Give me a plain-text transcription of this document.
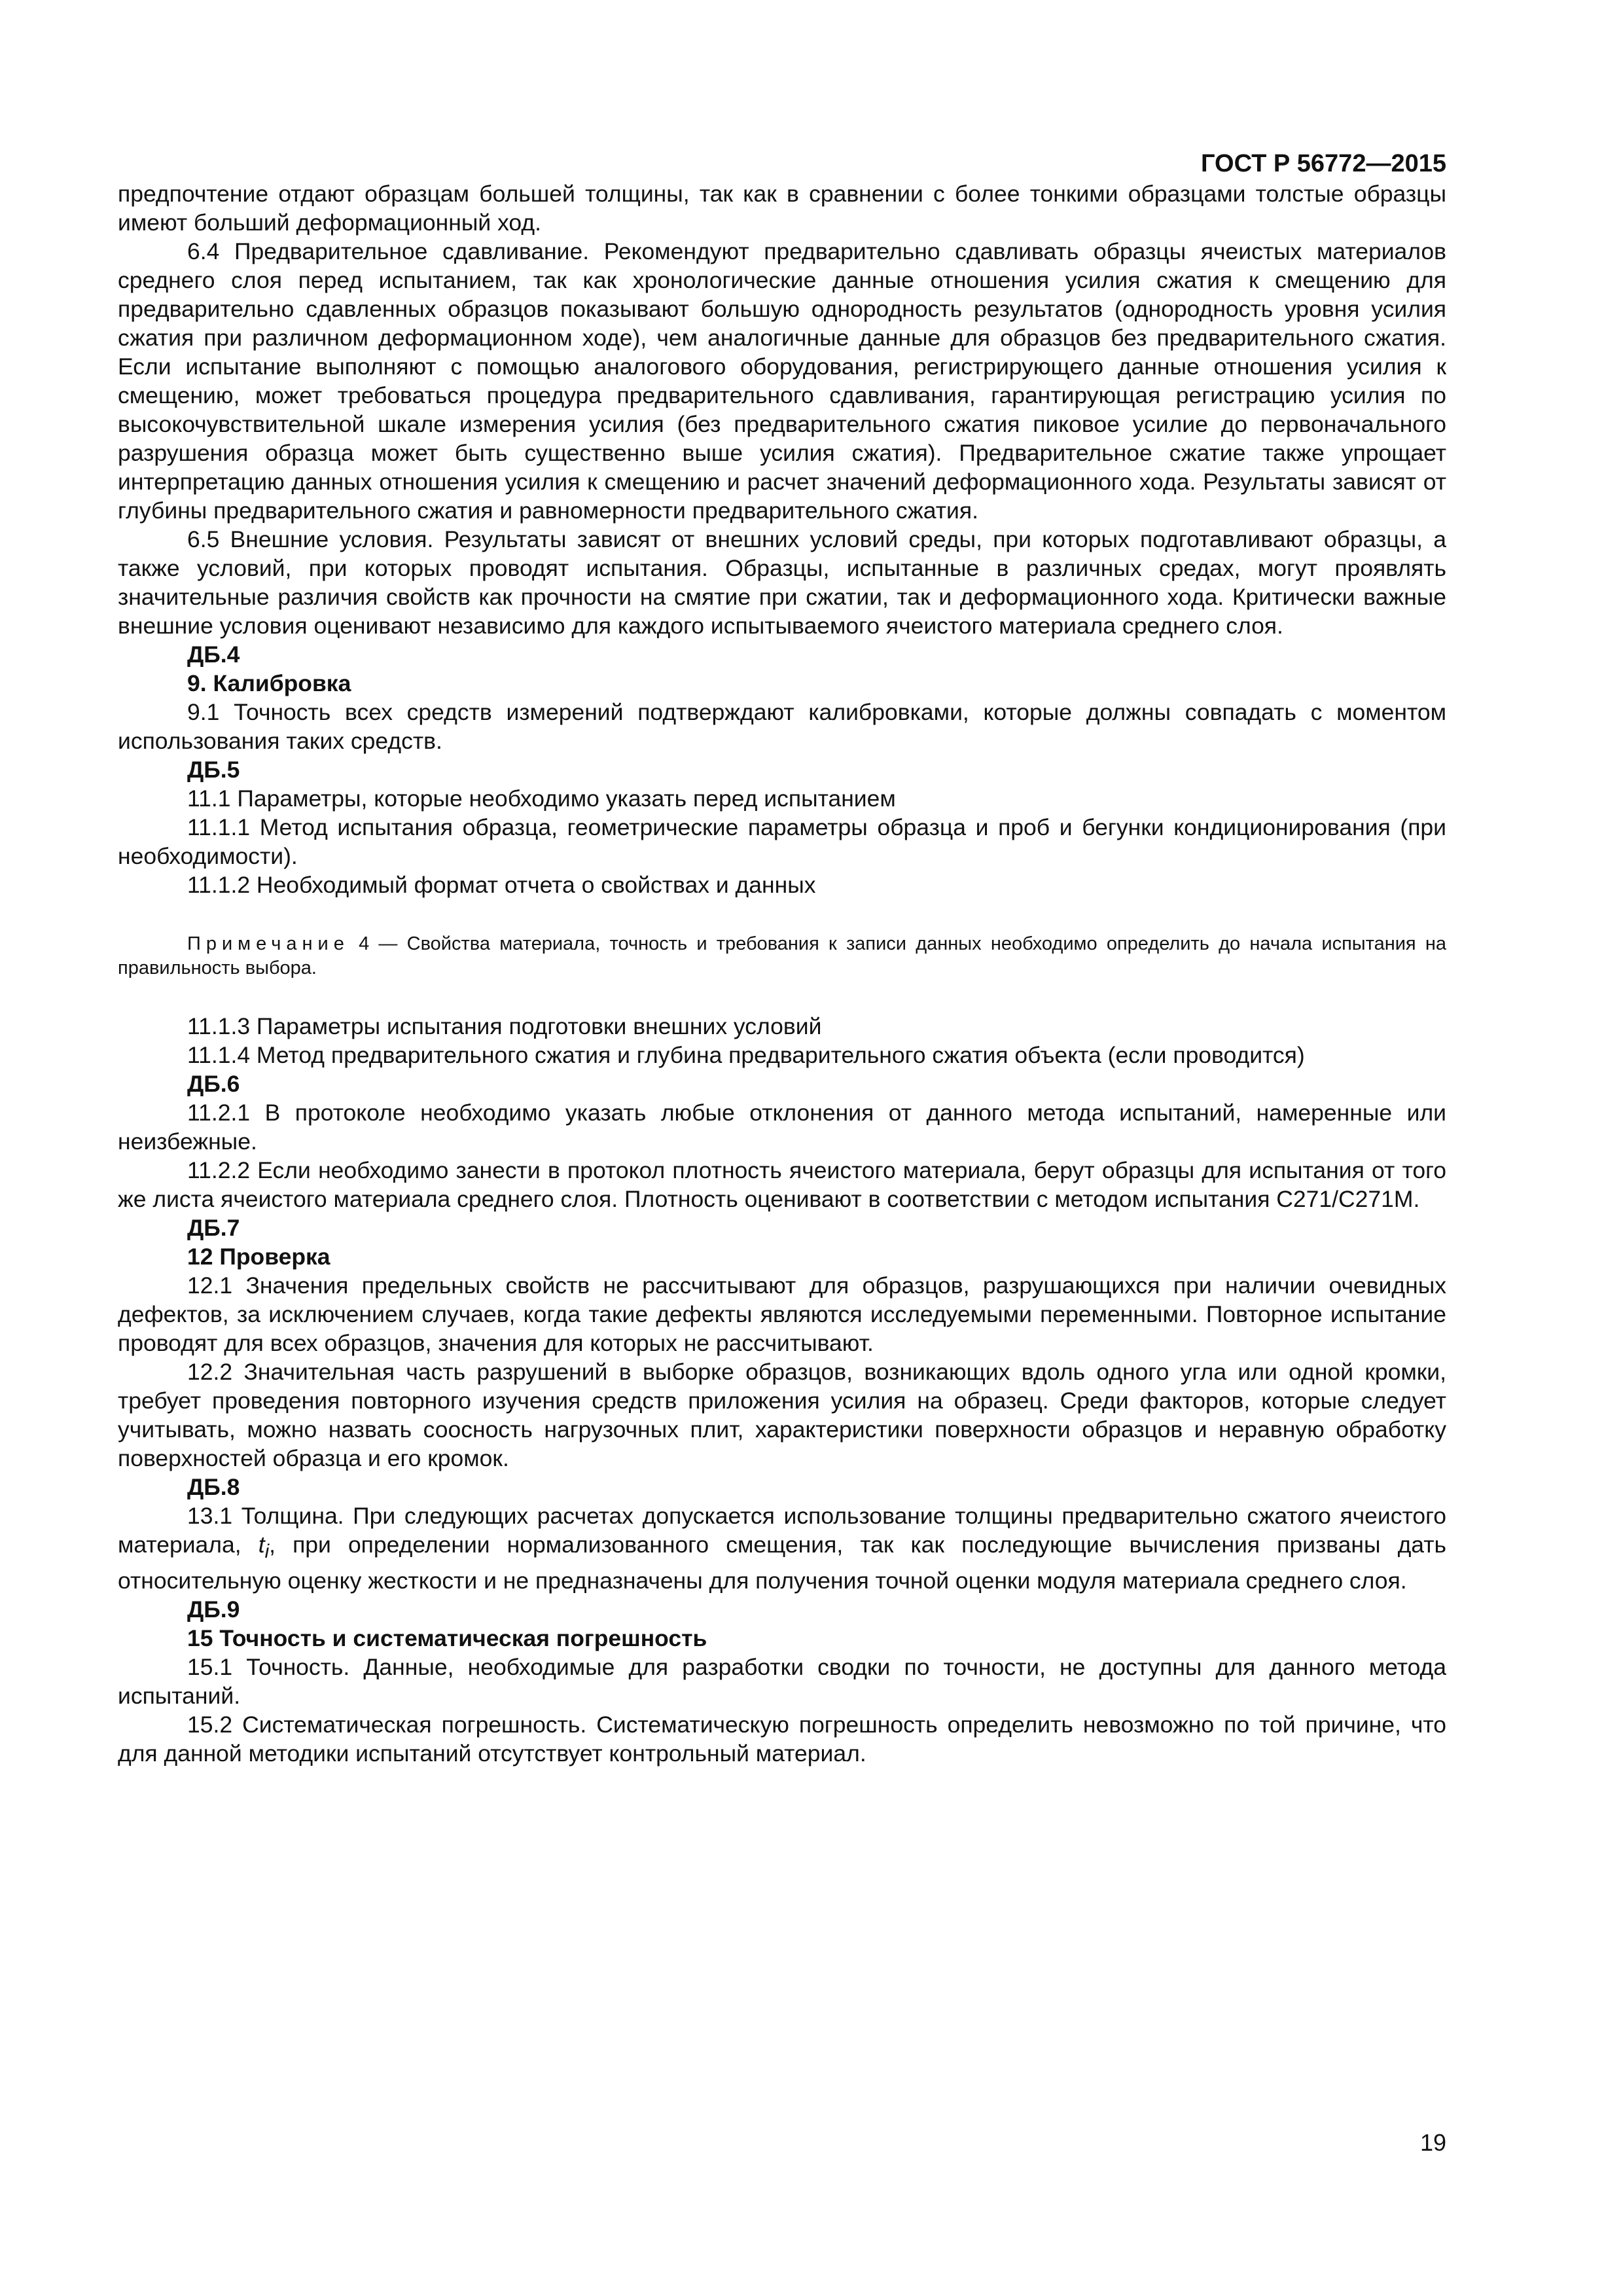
ГОСТ Р 56772—2015

предпочтение отдают образцам большей толщины, так как в сравнении с более тонкими образцами толстые образцы имеют больший деформационный ход.

6.4 Предварительное сдавливание. Рекомендуют предварительно сдавливать образцы ячеистых материалов среднего слоя перед испытанием, так как хронологические данные отношения усилия сжатия к смещению для предварительно сдавленных образцов показывают большую однородность результатов (однородность уровня усилия сжатия при различном деформационном ходе), чем аналогичные данные для образцов без предварительного сжатия. Если испытание выполняют с помощью аналогового оборудования, регистрирующего данные отношения усилия к смещению, может требоваться процедура предварительного сдавливания, гарантирующая регистрацию усилия по высокочувствительной шкале измерения усилия (без предварительного сжатия пиковое усилие до первоначального разрушения образца может быть существенно выше усилия сжатия). Предварительное сжатие также упрощает интерпретацию данных отношения усилия к смещению и расчет значений деформационного хода. Результаты зависят от глубины предварительного сжатия и равномерности предварительного сжатия.

6.5 Внешние условия. Результаты зависят от внешних условий среды, при которых подготавливают образцы, а также условий, при которых проводят испытания. Образцы, испытанные в различных средах, могут проявлять значительные различия свойств как прочности на смятие при сжатии, так и деформационного хода. Критически важные внешние условия оценивают независимо для каждого испытываемого ячеистого материала среднего слоя.

ДБ.4

9. Калибровка

9.1 Точность всех средств измерений подтверждают калибровками, которые должны совпадать с моментом использования таких средств.

ДБ.5

11.1 Параметры, которые необходимо указать перед испытанием

11.1.1 Метод испытания образца, геометрические параметры образца и проб и бегунки кондиционирования (при необходимости).

11.1.2 Необходимый формат отчета о свойствах и данных

Примечание 4 — Свойства материала, точность и требования к записи данных необходимо определить до начала испытания на правильность выбора.

11.1.3 Параметры испытания подготовки внешних условий

11.1.4 Метод предварительного сжатия и глубина предварительного сжатия объекта (если проводится)

ДБ.6

11.2.1 В протоколе необходимо указать любые отклонения от данного метода испытаний, намеренные или неизбежные.

11.2.2 Если необходимо занести в протокол плотность ячеистого материала, берут образцы для испытания от того же листа ячеистого материала среднего слоя. Плотность оценивают в соответствии с методом испытания С271/С271М.

ДБ.7

12 Проверка

12.1 Значения предельных свойств не рассчитывают для образцов, разрушающихся при наличии очевидных дефектов, за исключением случаев, когда такие дефекты являются исследуемыми переменными. Повторное испытание проводят для всех образцов, значения для которых не рассчитывают.

12.2 Значительная часть разрушений в выборке образцов, возникающих вдоль одного угла или одной кромки, требует проведения повторного изучения средств приложения усилия на образец. Среди факторов, которые следует учитывать, можно назвать соосность нагрузочных плит, характеристики поверхности образцов и неравную обработку поверхностей образца и его кромок.

ДБ.8

13.1 Толщина. При следующих расчетах допускается использование толщины предварительно сжатого ячеистого материала, $t_i$, при определении нормализованного смещения, так как последующие вычисления призваны дать относительную оценку жесткости и не предназначены для получения точной оценки модуля материала среднего слоя.

ДБ.9

15 Точность и систематическая погрешность

15.1 Точность. Данные, необходимые для разработки сводки по точности, не доступны для данного метода испытаний.

15.2 Систематическая погрешность. Систематическую погрешность определить невозможно по той причине, что для данной методики испытаний отсутствует контрольный материал.

19
